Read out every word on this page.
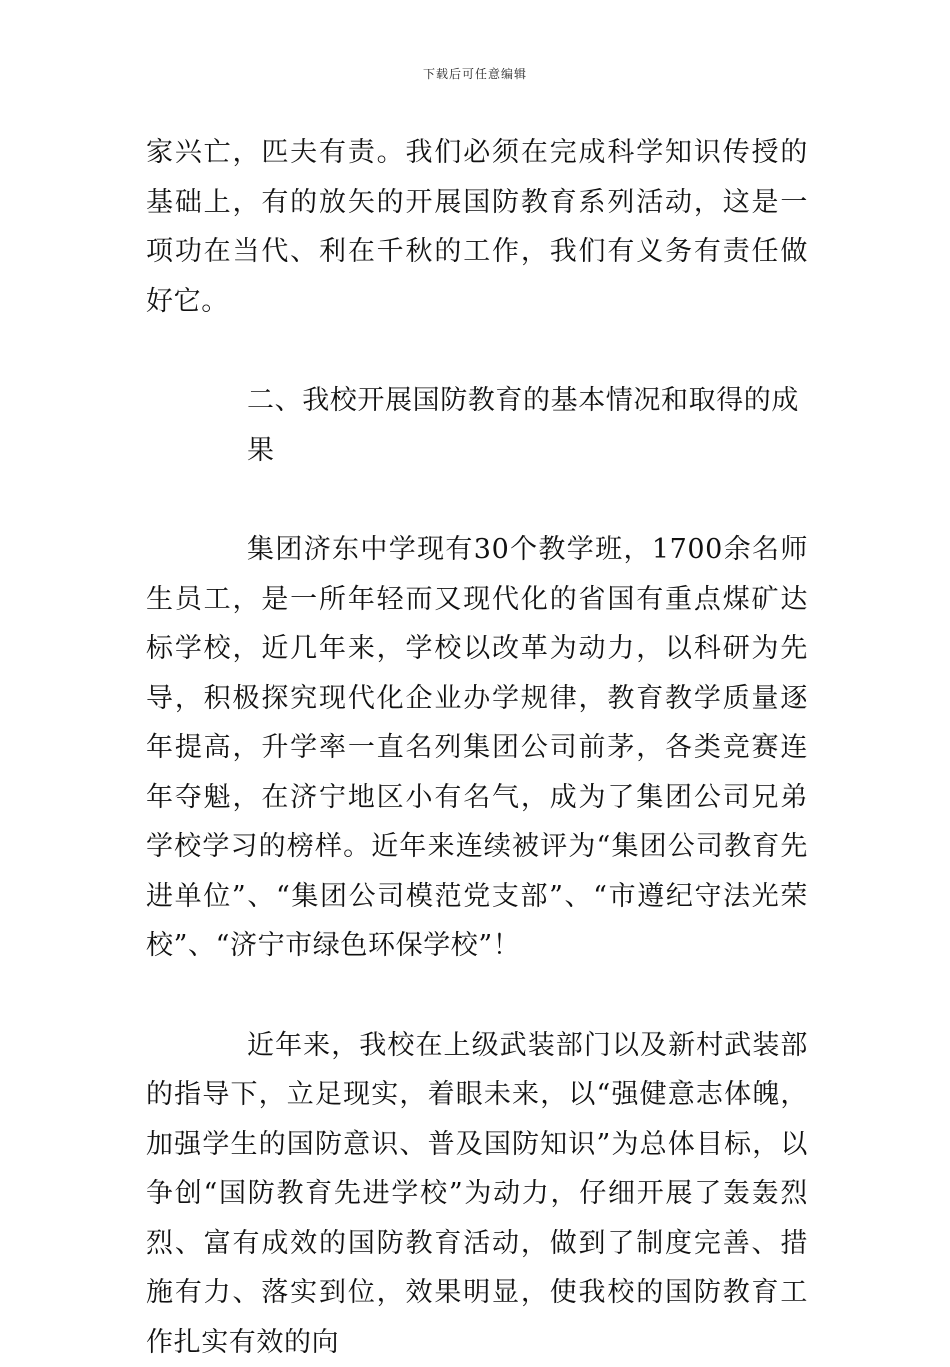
下载后可任意编辑

家兴亡，匹夫有责。我们必须在完成科学知识传授的基础上，有的放矢的开展国防教育系列活动，这是一项功在当代、利在千秋的工作，我们有义务有责任做好它。

二、我校开展国防教育的基本情况和取得的成果

集团济东中学现有30个教学班，1700余名师生员工，是一所年轻而又现代化的省国有重点煤矿达标学校，近几年来，学校以改革为动力，以科研为先导，积极探究现代化企业办学规律，教育教学质量逐年提高，升学率一直名列集团公司前茅，各类竞赛连年夺魁，在济宁地区小有名气，成为了集团公司兄弟学校学习的榜样。近年来连续被评为“集团公司教育先进单位”、“集团公司模范党支部”、“市遵纪守法光荣校”、“济宁市绿色环保学校”！

近年来，我校在上级武装部门以及新村武装部的指导下，立足现实，着眼未来，以“强健意志体魄，加强学生的国防意识、普及国防知识”为总体目标，以争创“国防教育先进学校”为动力，仔细开展了轰轰烈烈、富有成效的国防教育活动，做到了制度完善、措施有力、落实到位，效果明显，使我校的国防教育工作扎实有效的向
